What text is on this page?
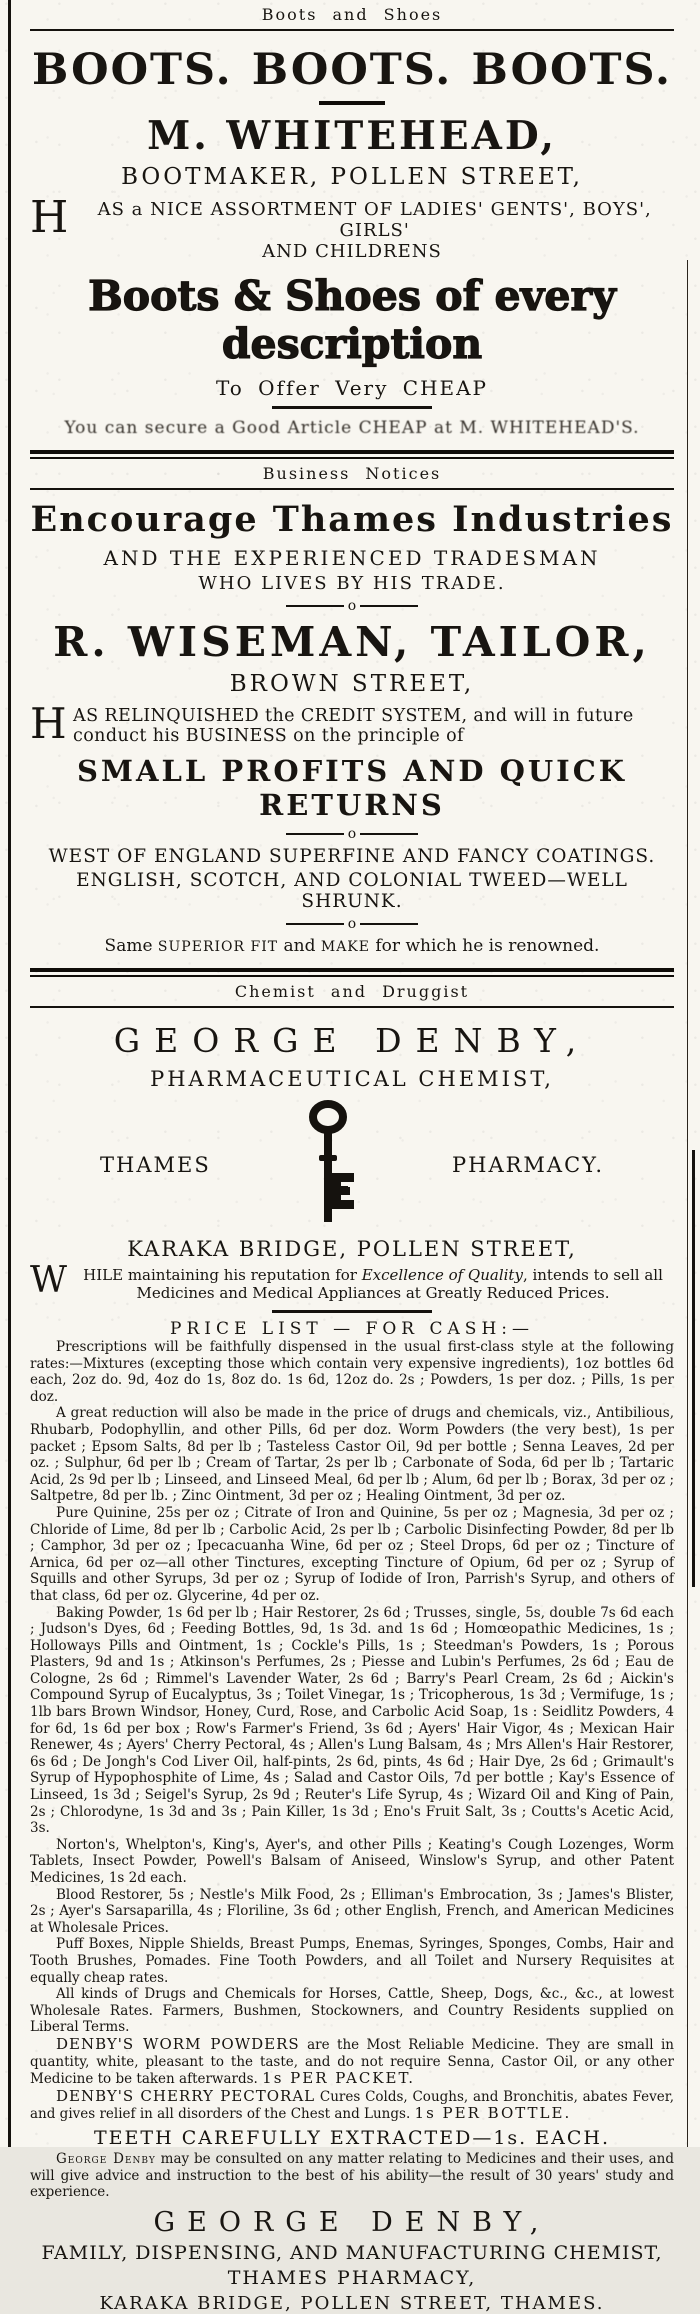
Boots and Shoes
BOOTS. BOOTS. BOOTS.
M. WHITEHEAD,
BOOTMAKER, POLLEN STREET,
H	AS a NICE ASSORTMENT OF LADIES' GENTS', BOYS', GIRLS'
AND CHILDRENS
Boots & Shoes of every description
To Offer Very CHEAP
You can secure a Good Article CHEAP at M. WHITEHEAD'S.
Business Notices
Encourage Thames Industries
AND THE EXPERIENCED TRADESMAN
WHO LIVES BY HIS TRADE.
o
R. WISEMAN, TAILOR,
BROWN STREET,
H AS RELINQUISHED the CREDIT SYSTEM, and will in future conduct his BUSINESS on the principle of
SMALL PROFITS AND QUICK RETURNS
o
WEST OF ENGLAND SUPERFINE AND FANCY COATINGS.
ENGLISH, SCOTCH, AND COLONIAL TWEED—WELL SHRUNK.
o
Same SUPERIOR FIT and MAKE for which he is renowned.
Chemist and Druggist
GEORGE DENBY,
PHARMACEUTICAL CHEMIST,
THAMES	PHARMACY.
KARAKA BRIDGE, POLLEN STREET,
W HILE maintaining his reputation for Excellence of Quality, intends to sell all Medicines and Medical Appliances at Greatly Reduced Prices.
PRICE LIST — FOR CASH:—

Prescriptions will be faithfully dispensed in the usual first-class style at the following rates:—Mixtures (excepting those which contain very expensive ingredients), 1oz bottles 6d each, 2oz do. 9d, 4oz do 1s, 8oz do. 1s 6d, 12oz do. 2s ; Powders, 1s per doz. ; Pills, 1s per doz.

A great reduction will also be made in the price of drugs and chemicals, viz., Antibilious, Rhubarb, Podophyllin, and other Pills, 6d per doz. Worm Powders (the very best), 1s per packet ; Epsom Salts, 8d per lb ; Tasteless Castor Oil, 9d per bottle ; Senna Leaves, 2d per oz. ; Sulphur, 6d per lb ; Cream of Tartar, 2s per lb ; Carbonate of Soda, 6d per lb ; Tartaric Acid, 2s 9d per lb ; Linseed, and Linseed Meal, 6d per lb ; Alum, 6d per lb ; Borax, 3d per oz ; Saltpetre, 8d per lb. ; Zinc Ointment, 3d per oz ; Healing Ointment, 3d per oz.

Pure Quinine, 25s per oz ; Citrate of Iron and Quinine, 5s per oz ; Magnesia, 3d per oz ; Chloride of Lime, 8d per lb ; Carbolic Acid, 2s per lb ; Carbolic Disinfecting Powder, 8d per lb ; Camphor, 3d per oz ; Ipecacuanha Wine, 6d per oz ; Steel Drops, 6d per oz ; Tincture of Arnica, 6d per oz—all other Tinctures, excepting Tincture of Opium, 6d per oz ; Syrup of Squills and other Syrups, 3d per oz ; Syrup of Iodide of Iron, Parrish's Syrup, and others of that class, 6d per oz. Glycerine, 4d per oz.

Baking Powder, 1s 6d per lb ; Hair Restorer, 2s 6d ; Trusses, single, 5s, double 7s 6d each ; Judson's Dyes, 6d ; Feeding Bottles, 9d, 1s 3d. and 1s 6d ; Homœopathic Medicines, 1s ; Holloways Pills and Ointment, 1s ; Cockle's Pills, 1s ; Steedman's Powders, 1s ; Porous Plasters, 9d and 1s ; Atkinson's Perfumes, 2s ; Piesse and Lubin's Perfumes, 2s 6d ; Eau de Cologne, 2s 6d ; Rimmel's Lavender Water, 2s 6d ; Barry's Pearl Cream, 2s 6d ; Aickin's Compound Syrup of Eucalyptus, 3s ; Toilet Vinegar, 1s ; Tricopherous, 1s 3d ; Vermifuge, 1s ; 1lb bars Brown Windsor, Honey, Curd, Rose, and Carbolic Acid Soap, 1s : Seidlitz Powders, 4 for 6d, 1s 6d per box ; Row's Farmer's Friend, 3s 6d ; Ayers' Hair Vigor, 4s ; Mexican Hair Renewer, 4s ; Ayers' Cherry Pectoral, 4s ; Allen's Lung Balsam, 4s ; Mrs Allen's Hair Restorer, 6s 6d ; De Jongh's Cod Liver Oil, half-pints, 2s 6d, pints, 4s 6d ; Hair Dye, 2s 6d ; Grimault's Syrup of Hypophosphite of Lime, 4s ; Salad and Castor Oils, 7d per bottle ; Kay's Essence of Linseed, 1s 3d ; Seigel's Syrup, 2s 9d ; Reuter's Life Syrup, 4s ; Wizard Oil and King of Pain, 2s ; Chlorodyne, 1s 3d and 3s ; Pain Killer, 1s 3d ; Eno's Fruit Salt, 3s ; Coutts's Acetic Acid, 3s.

Norton's, Whelpton's, King's, Ayer's, and other Pills ; Keating's Cough Lozenges, Worm Tablets, Insect Powder, Powell's Balsam of Aniseed, Winslow's Syrup, and other Patent Medicines, 1s 2d each.

Blood Restorer, 5s ; Nestle's Milk Food, 2s ; Elliman's Embrocation, 3s ; James's Blister, 2s ; Ayer's Sarsaparilla, 4s ; Floriline, 3s 6d ; other English, French, and American Medicines at Wholesale Prices.

Puff Boxes, Nipple Shields, Breast Pumps, Enemas, Syringes, Sponges, Combs, Hair and Tooth Brushes, Pomades. Fine Tooth Powders, and all Toilet and Nursery Requisites at equally cheap rates.

All kinds of Drugs and Chemicals for Horses, Cattle, Sheep, Dogs, &c., &c., at lowest Wholesale Rates. Farmers, Bushmen, Stockowners, and Country Residents supplied on Liberal Terms.

DENBY'S WORM POWDERS are the Most Reliable Medicine. They are small in quantity, white, pleasant to the taste, and do not require Senna, Castor Oil, or any other Medicine to be taken afterwards. 1s PER PACKET.

DENBY'S CHERRY PECTORAL Cures Colds, Coughs, and Bronchitis, abates Fever, and gives relief in all disorders of the Chest and Lungs. 1s PER BOTTLE.

TEETH CAREFULLY EXTRACTED—1s. EACH.

George Denby may be consulted on any matter relating to Medicines and their uses, and will give advice and instruction to the best of his ability—the result of 30 years' study and experience.

GEORGE DENBY,
FAMILY, DISPENSING, AND MANUFACTURING CHEMIST,
THAMES PHARMACY,
KARAKA BRIDGE, POLLEN STREET, THAMES.
